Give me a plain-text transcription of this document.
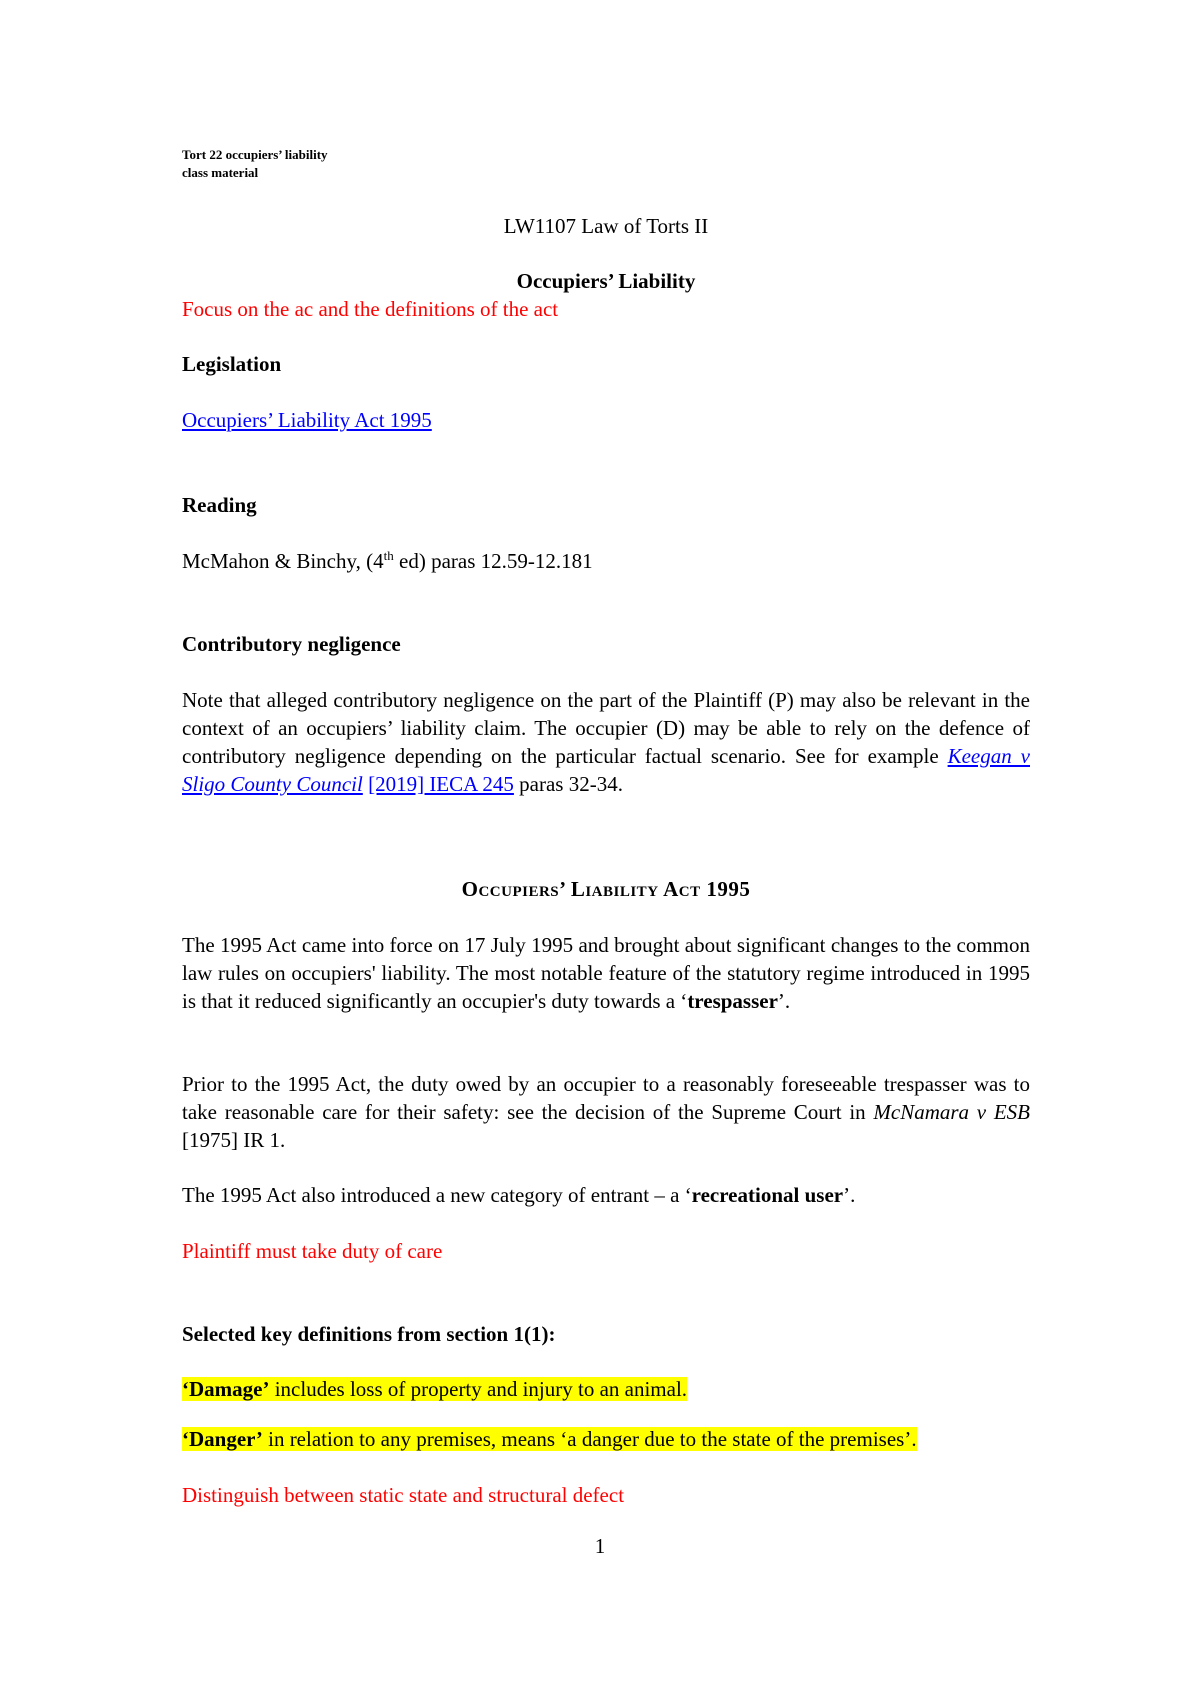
Tort 22 occupiers’ liability

class material

LW1107 Law of Torts II

Occupiers’ Liability

Focus on the ac and the definitions of the act

Legislation

Occupiers’ Liability Act 1995

Reading

McMahon & Binchy, (4th ed) paras 12.59-12.181

Contributory negligence

Note that alleged contributory negligence on the part of the Plaintiff (P) may also be relevant in the context of an occupiers’ liability claim. The occupier (D) may be able to rely on the defence of contributory negligence depending on the particular factual scenario. See for example Keegan v Sligo County Council [2019] IECA 245 paras 32-34.

Occupiers’ Liability Act 1995

The 1995 Act came into force on 17 July 1995 and brought about significant changes to the common law rules on occupiers' liability. The most notable feature of the statutory regime introduced in 1995 is that it reduced significantly an occupier's duty towards a ‘trespasser’.

Prior to the 1995 Act, the duty owed by an occupier to a reasonably foreseeable trespasser was to take reasonable care for their safety: see the decision of the Supreme Court in McNamara v ESB [1975] IR 1.

The 1995 Act also introduced a new category of entrant – a ‘recreational user’.

Plaintiff must take duty of care

Selected key definitions from section 1(1):

‘Damage’ includes loss of property and injury to an animal.

‘Danger’ in relation to any premises, means ‘a danger due to the state of the premises’.

Distinguish between static state and structural defect

1
